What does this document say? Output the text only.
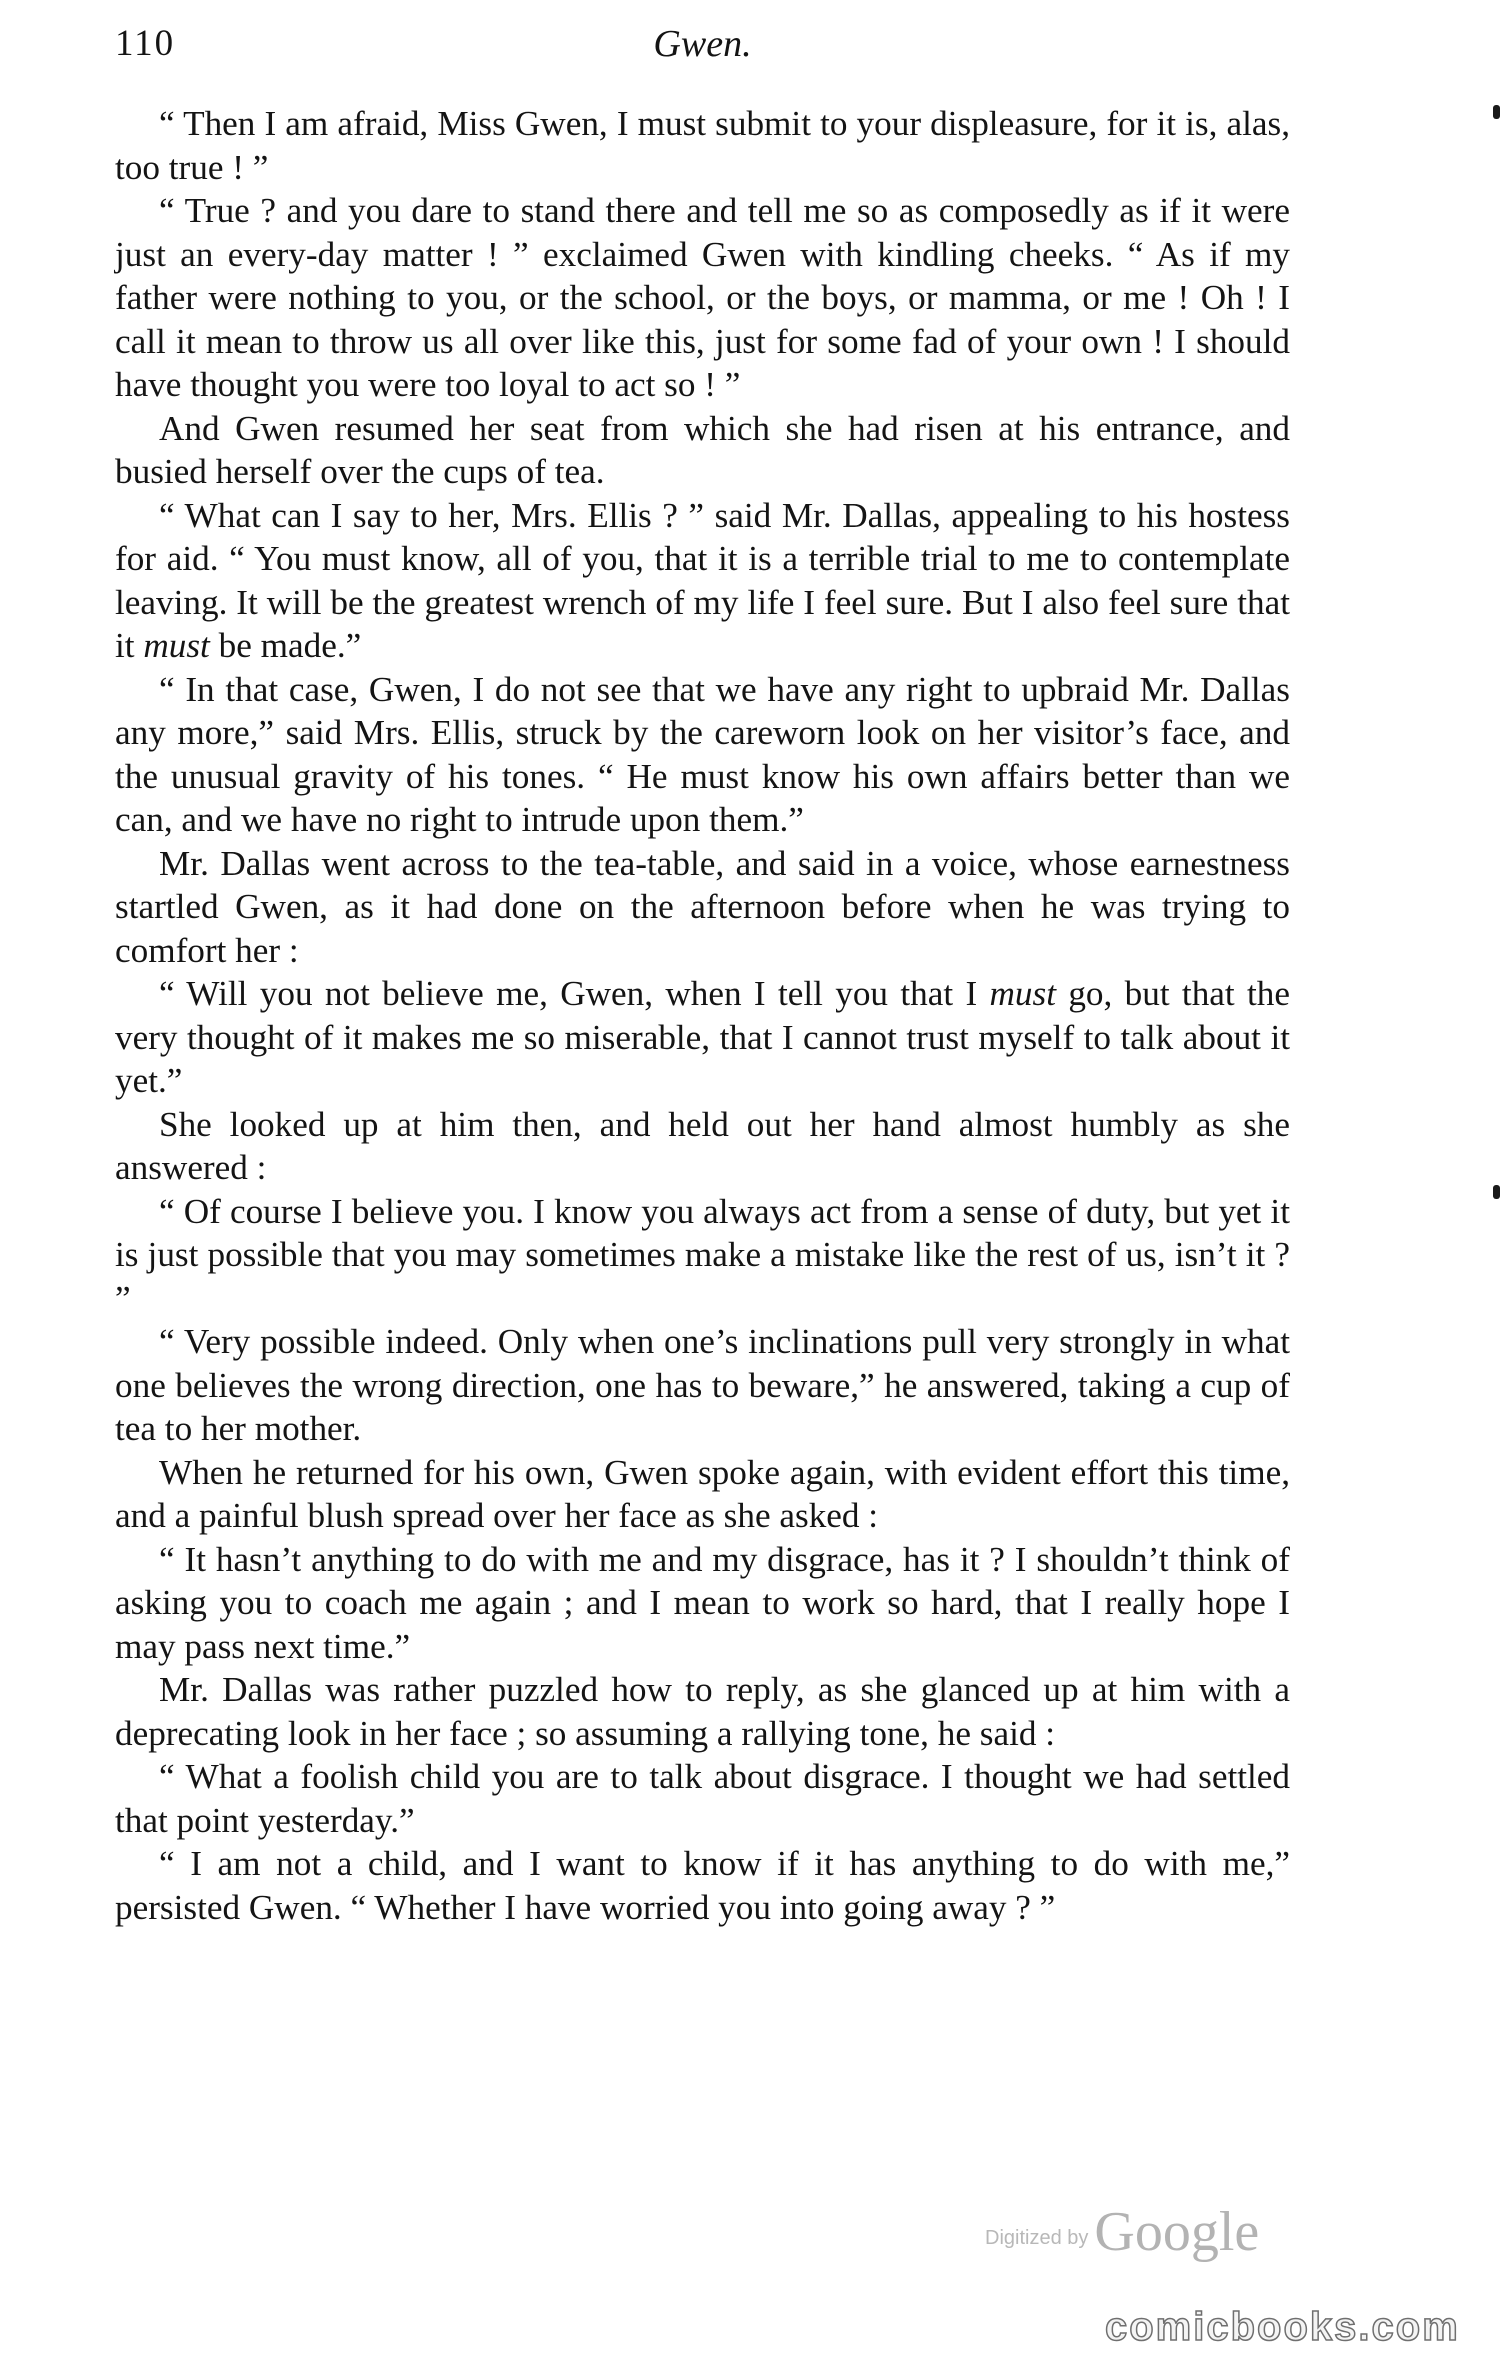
110	Gwen.

“ Then I am afraid, Miss Gwen, I must submit to your displeasure, for it is, alas, too true ! ”

“ True ? and you dare to stand there and tell me so as composedly as if it were just an every-day matter ! ” exclaimed Gwen with kindling cheeks. “ As if my father were nothing to you, or the school, or the boys, or mamma, or me ! Oh ! I call it mean to throw us all over like this, just for some fad of your own ! I should have thought you were too loyal to act so ! ”

And Gwen resumed her seat from which she had risen at his entrance, and busied herself over the cups of tea.

“ What can I say to her, Mrs. Ellis ? ” said Mr. Dallas, appealing to his hostess for aid. “ You must know, all of you, that it is a terrible trial to me to contemplate leaving. It will be the greatest wrench of my life I feel sure. But I also feel sure that it must be made.”

“ In that case, Gwen, I do not see that we have any right to upbraid Mr. Dallas any more,” said Mrs. Ellis, struck by the careworn look on her visitor’s face, and the unusual gravity of his tones. “ He must know his own affairs better than we can, and we have no right to intrude upon them.”

Mr. Dallas went across to the tea-table, and said in a voice, whose earnestness startled Gwen, as it had done on the afternoon before when he was trying to comfort her :

“ Will you not believe me, Gwen, when I tell you that I must go, but that the very thought of it makes me so miserable, that I cannot trust myself to talk about it yet.”

She looked up at him then, and held out her hand almost humbly as she answered :

“ Of course I believe you. I know you always act from a sense of duty, but yet it is just possible that you may sometimes make a mistake like the rest of us, isn’t it ? ”

“ Very possible indeed. Only when one’s inclinations pull very strongly in what one believes the wrong direction, one has to beware,” he answered, taking a cup of tea to her mother.

When he returned for his own, Gwen spoke again, with evident effort this time, and a painful blush spread over her face as she asked :

“ It hasn’t anything to do with me and my disgrace, has it ? I shouldn’t think of asking you to coach me again ; and I mean to work so hard, that I really hope I may pass next time.”

Mr. Dallas was rather puzzled how to reply, as she glanced up at him with a deprecating look in her face ; so assuming a rallying tone, he said :

“ What a foolish child you are to talk about disgrace. I thought we had settled that point yesterday.”

“ I am not a child, and I want to know if it has anything to do with me,” persisted Gwen. “ Whether I have worried you into going away ? ”

Digitized by Google
comicbooks.com
